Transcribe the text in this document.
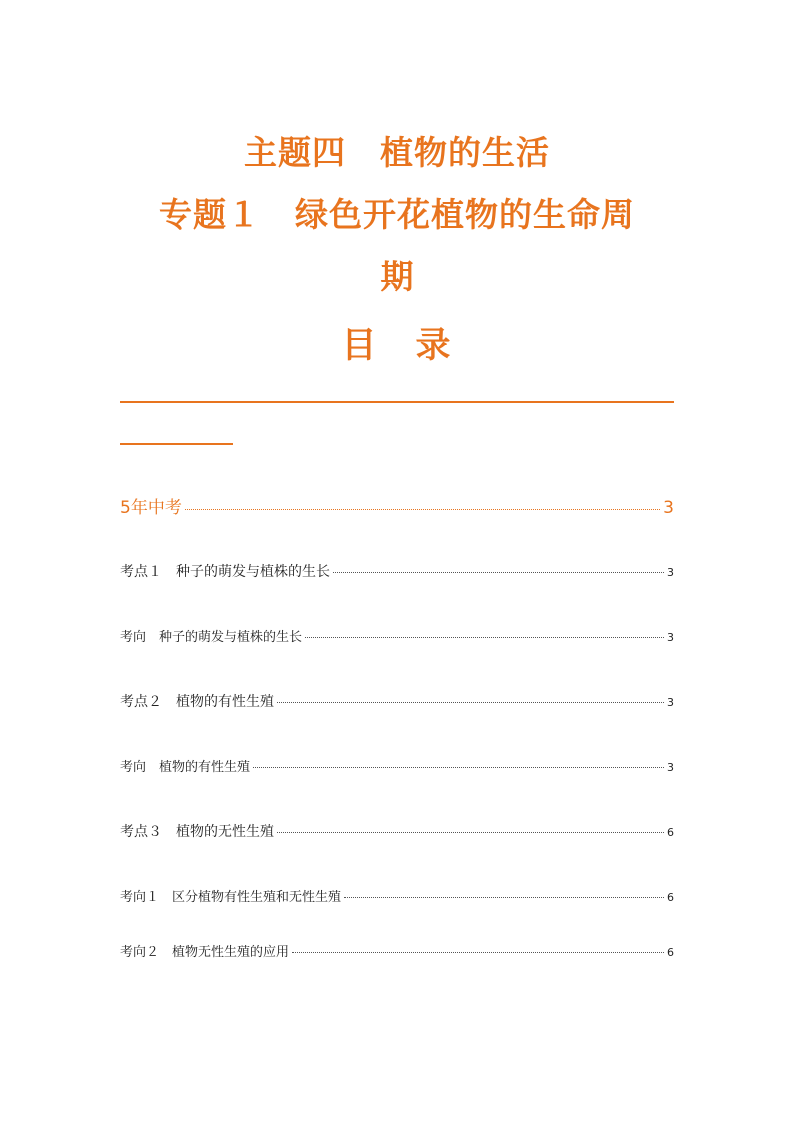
主题四　植物的生活
专题１　绿色开花植物的生命周
期
目　录
5年中考	3
考点１　种子的萌发与植株的生长	3
考向　种子的萌发与植株的生长	3
考点２　植物的有性生殖	3
考向　植物的有性生殖	3
考点３　植物的无性生殖	6
考向１　区分植物有性生殖和无性生殖	6
考向２　植物无性生殖的应用	6
